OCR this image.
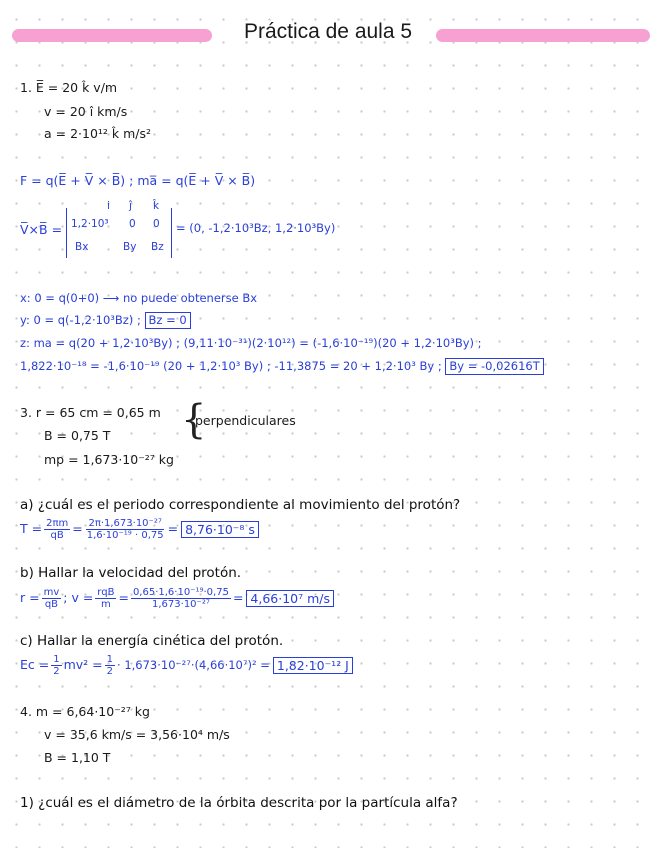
Práctica de aula 5
1. E̅ = 20 k̂ v/m
v = 20 î km/s
a = 2·10¹² k̂ m/s²
F = q(E̅ + V̅ × B̅) ; ma̅ = q(E̅ + V̅ × B̅)
V̅×B̅ =
i ĵ k̂
1,2·10³ 0 0
Bx	By Bz
= (0, -1,2·10³Bz, 1,2·10³By)
x: 0 = q(0+0) ⟶ no puede obtenerse Bx
y: 0 = q(-1,2·10³Bz) ; Bz = 0
z: ma = q(20 + 1,2·10³By) ; (9,11·10⁻³¹)(2·10¹²) = (-1,6·10⁻¹⁹)(20 + 1,2·10³By) ;
1,822·10⁻¹⁸ = -1,6·10⁻¹⁹ (20 + 1,2·10³ By) ; -11,3875 = 20 + 1,2·10³ By ; By = -0,02616T
3. r = 65 cm = 0,65 m
B = 0,75 T
mp = 1,673·10⁻²⁷ kg
{
perpendiculares
a) ¿cuál es el periodo correspondiente al movimiento del protón?
$T = \frac{2\pi m}{qB} = \frac{\text{2π·1,673·10⁻²⁷}}{\text{1,6·10⁻¹⁹ · 0,75}} = 8,76\cdot 10^{-8}$ s
b) Hallar la velocidad del protón.
$r = \frac{mv}{qB}$ ; $v = \frac{\text{rqB}}{m} = \frac{\text{0,65·1,6·10⁻¹⁹·0,75}}{\text{1,673·10⁻²⁷}} = 4,66\cdot 10^7$ m/s
c) Hallar la energía cinética del protón.
$Ec = \frac{1}{2} mv^2 = \frac{1}{2} \cdot 1,673\cdot 10^{-27}\cdot(4,66\cdot 10^7)^2 = 1,82\cdot 10^{-12}$ J
4. m = 6,64·10⁻²⁷ kg
v = 35,6 km/s = 3,56·10⁴ m/s
B = 1,10 T
1) ¿cuál es el diámetro de la órbita descrita por la partícula alfa?
